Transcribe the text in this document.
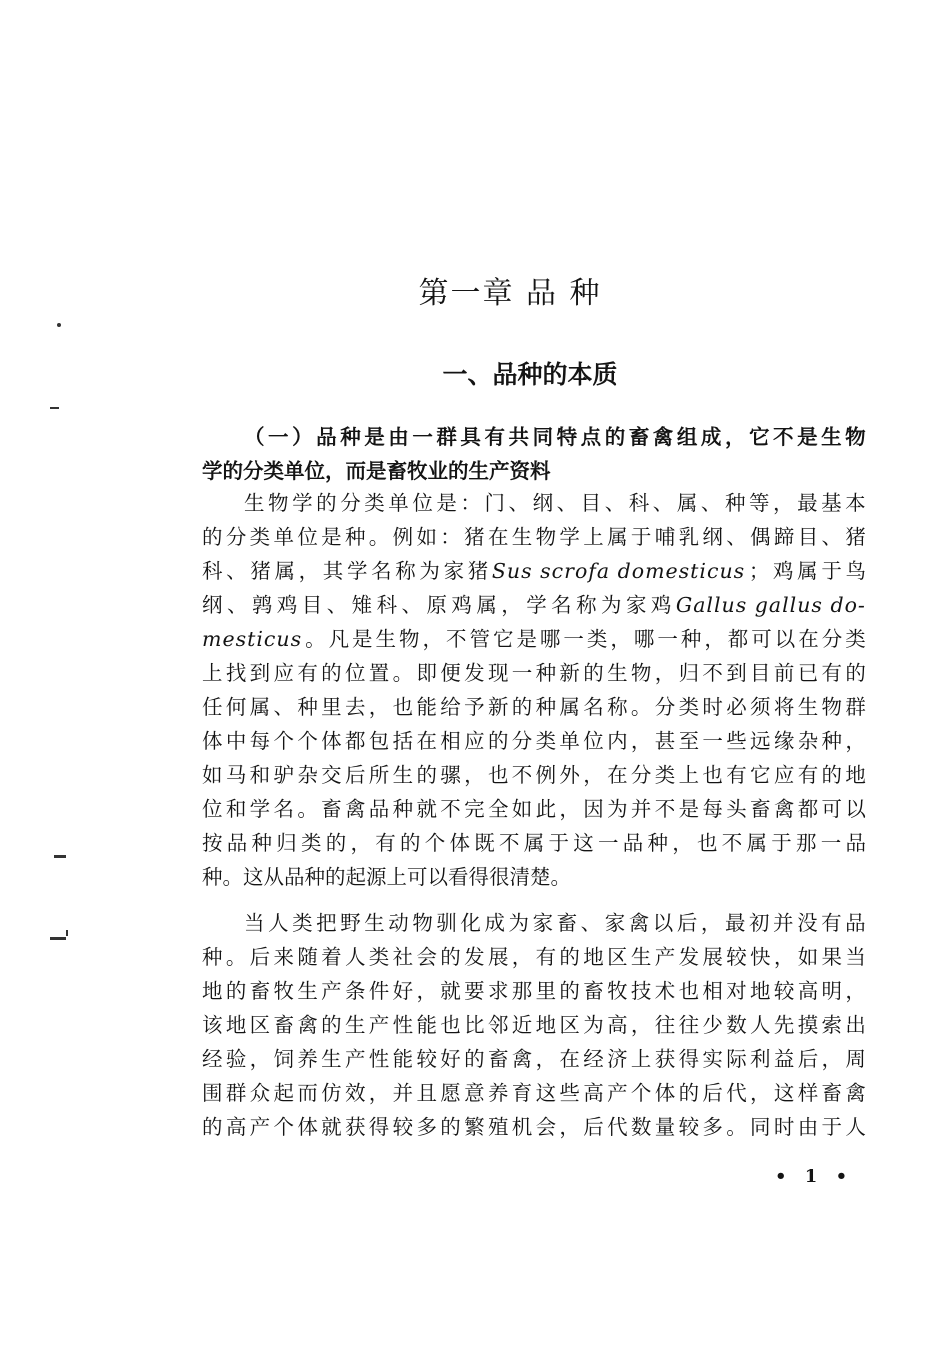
第一章 品 种
一、品种的本质
（ 一 ） 品 种 是 由 一 群 具 有 共 同 特 点 的 畜 禽 组 成 ， 它 不 是 生 物
学的分类单位，而是畜牧业的生产资料
生 物 学 的 分 类 单 位 是 ： 门 、 纲 、 目 、 科 、 属 、 种 等 ， 最 基 本
的 分 类 单 位 是 种 。 例 如 ： 猪 在 生 物 学 上 属 于 哺 乳 纲 、 偶 蹄 目 、 猪
科 、 猪 属 ， 其 学 名 称 为 家 猪 Sus scrofa domesticus ； 鸡 属 于 鸟
纲 、 鹑 鸡 目 、 雉 科 、 原 鸡 属 ， 学 名 称 为 家 鸡 Gallus gallus do-
mesticus 。 凡 是 生 物 ， 不 管 它 是 哪 一 类 ， 哪 一 种 ， 都 可 以 在 分 类
上 找 到 应 有 的 位 置 。 即 便 发 现 一 种 新 的 生 物 ， 归 不 到 目 前 已 有 的
任 何 属 、 种 里 去 ， 也 能 给 予 新 的 种 属 名 称 。 分 类 时 必 须 将 生 物 群
体 中 每 个 个 体 都 包 括 在 相 应 的 分 类 单 位 内 ， 甚 至 一 些 远 缘 杂 种 ，
如 马 和 驴 杂 交 后 所 生 的 骡 ， 也 不 例 外 ， 在 分 类 上 也 有 它 应 有 的 地
位 和 学 名 。 畜 禽 品 种 就 不 完 全 如 此 ， 因 为 并 不 是 每 头 畜 禽 都 可 以
按 品 种 归 类 的 ， 有 的 个 体 既 不 属 于 这 一 品 种 ， 也 不 属 于 那 一 品
种。这从品种的起源上可以看得很清楚。
当 人 类 把 野 生 动 物 驯 化 成 为 家 畜 、 家 禽 以 后 ， 最 初 并 没 有 品
种 。 后 来 随 着 人 类 社 会 的 发 展 ， 有 的 地 区 生 产 发 展 较 快 ， 如 果 当
地 的 畜 牧 生 产 条 件 好 ， 就 要 求 那 里 的 畜 牧 技 术 也 相 对 地 较 高 明 ，
该 地 区 畜 禽 的 生 产 性 能 也 比 邻 近 地 区 为 高 ， 往 往 少 数 人 先 摸 索 出
经 验 ， 饲 养 生 产 性 能 较 好 的 畜 禽 ， 在 经 济 上 获 得 实 际 利 益 后 ， 周
围 群 众 起 而 仿 效 ， 并 且 愿 意 养 育 这 些 高 产 个 体 的 后 代 ， 这 样 畜 禽
的 高 产 个 体 就 获 得 较 多 的 繁 殖 机 会 ， 后 代 数 量 较 多 。 同 时 由 于 人
• 1 •
